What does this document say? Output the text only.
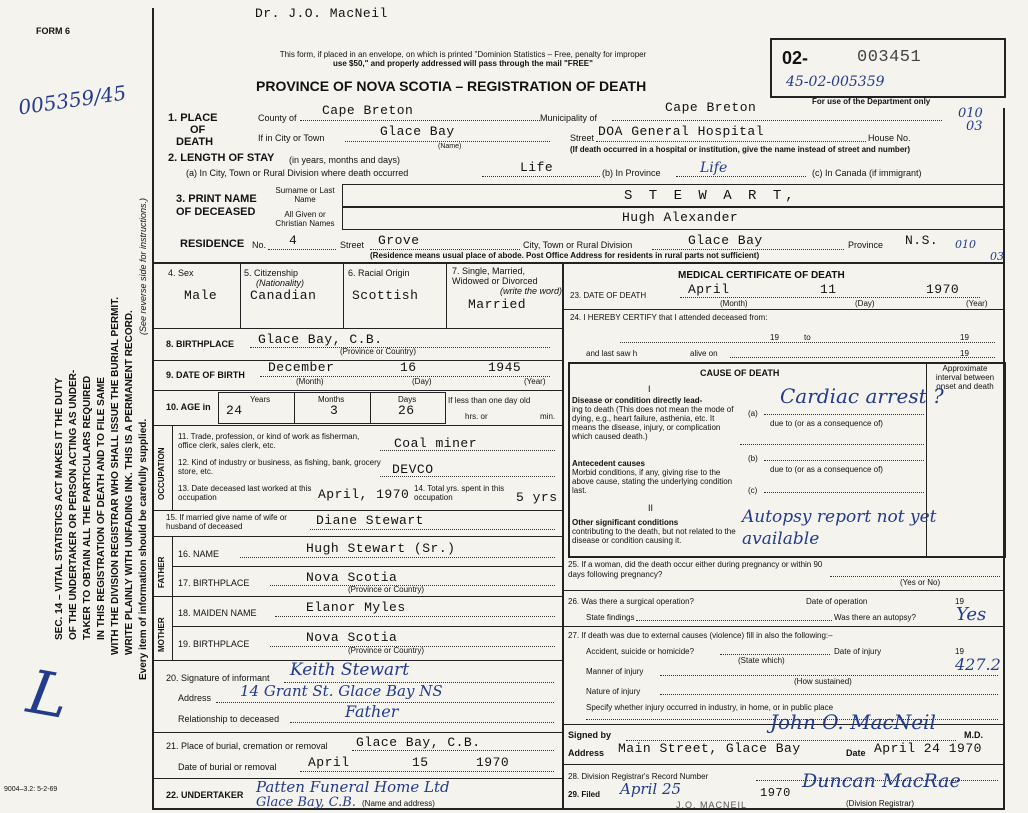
FORM 6
Dr. J.O. MacNeil
005359/45
This form, if placed in an envelope, on which is printed "Dominion Statistics – Free, penalty for improper
use $50," and properly addressed will pass through the mail "FREE"
PROVINCE OF NOVA SCOTIA – REGISTRATION OF DEATH
02-	003451
45-02-005359
For use of the Department only
SEC. 14 – VITAL STATISTICS ACT MAKES IT THE DUTY OF THE UNDERTAKER OR PERSON ACTING AS UNDER- TAKER TO OBTAIN ALL THE PARTICULARS REQUIRED IN THIS REGISTRATION OF DEATH AND TO FILE SAME WITH THE DIVISION REGISTRAR WHO SHALL ISSUE THE BURIAL PERMIT. WRITE PLAINLY WITH UNFADING INK. THIS IS A PERMANENT RECORD.
(See reverse side for instructions.)
Every item of information should be carefully supplied.
L
1. PLACE
OF
DEATH
County of Cape Breton	Municipality of
Cape Breton	010
03
If in City or Town	Glace Bay	Street DOA General Hospital	House No.
(Name)	(If death occurred in a hospital or institution, give the name instead of street and number)
2. LENGTH OF STAY (in years, months and days)
(a) In City, Town or Rural Division where death occurred	Life	(b) In Province	Life	(c) In Canada (if immigrant)
3. PRINT NAME
OF DECEASED
Surname or Last Name
All Given or Christian Names
S T E W A R T,
Hugh Alexander
RESIDENCE No. 4	Street Grove	City, Town or Rural Division	Glace Bay	Province N.S. 010
03
(Residence means usual place of abode. Post Office Address for residents in rural parts not sufficient)
4. Sex
Male
5. Citizenship
(Nationality)
Canadian
6. Racial Origin
Scottish
7. Single, Married, Widowed or Divorced
(write the word)
Married
8. BIRTHPLACE Glace Bay, C.B.
(Province or Country)
9. DATE OF BIRTH December	16	1945
(Month)	(Day)	(Year)
10. AGE in
Years	Months	Days
24	3	26
If less than one day old
hrs. or	min.
OCCUPATION
11. Trade, profession, or kind of work as fisherman, office clerk, sales clerk, etc.	Coal miner
12. Kind of industry or business, as fishing, bank, grocery store, etc.	DEVCO
13. Date deceased last worked at this occupation	April, 1970 14. Total yrs. spent in this occupation	5 yrs
15. If married give name of wife or husband of deceased	Diane Stewart
FATHER
16. NAME	Hugh Stewart (Sr.)
17. BIRTHPLACE	Nova Scotia
(Province or Country)
MOTHER
18. MAIDEN NAME	Elanor Myles
19. BIRTHPLACE	Nova Scotia
(Province or Country)
20. Signature of informant Keith Stewart
Address 14 Grant St. Glace Bay NS
Relationship to deceased	Father
21. Place of burial, cremation or removal Glace Bay, C.B.
Date of burial or removal April	15	1970
22. UNDERTAKER Patten Funeral Home Ltd
Glace Bay, C.B. (Name and address)
9004–3.2: 5-2-69
MEDICAL CERTIFICATE OF DEATH
23. DATE OF DEATH	April	11	1970
(Month)	(Day)	(Year)
24. I HEREBY CERTIFY that I attended deceased from:
19	to	19
and last saw h	alive on	19
CAUSE OF DEATH	Approximate interval between onset and death
I
Disease or condition directly lead-
ing to death (This does not mean the mode of dying, e.g., heart failure, asthenia, etc. It means the disease, injury, or complication which caused death.)
(a)
Cardiac arrest ?
due to (or as a consequence of)
Antecedent causes
Morbid conditions, if any, giving rise to the above cause, stating the underlying condition last.
(b)
due to (or as a consequence of)
(c)
II
Other significant conditions
contributing to the death, but not related to the disease or condition causing it.
Autopsy report not yet available
25. If a woman, did the death occur either during pregnancy or within 90 days following pregnancy?
(Yes or No)
26. Was there a surgical operation?	Date of operation	19
State findings	Was there an autopsy? Yes
27. If death was due to external causes (violence) fill in also the following:–
Accident, suicide or homicide?	Date of injury	19
(State which)
Manner of injury	427.2
(How sustained)
Nature of injury
Specify whether injury occurred in industry, in home, or in public place
Signed by
John O. MacNeil
M.D.
Address Main Street, Glace Bay	Date April 24 1970
28. Division Registrar's Record Number
29. Filed April 25	1970
Duncan MacRae
(Division Registrar)
J.O. MACNEIL
